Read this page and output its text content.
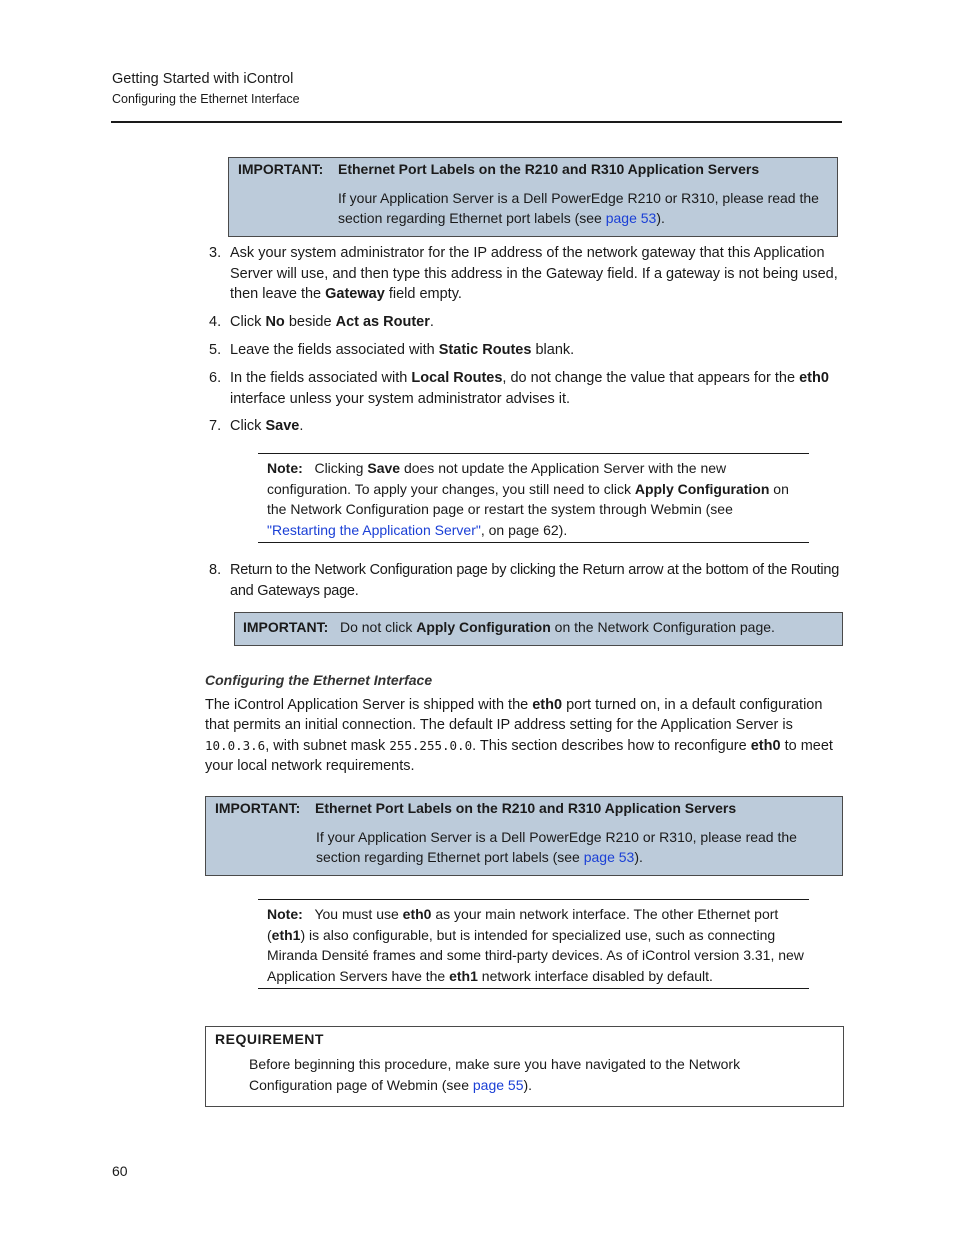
Getting Started with iControl
Configuring the Ethernet Interface
IMPORTANT: Ethernet Port Labels on the R210 and R310 Application Servers
If your Application Server is a Dell PowerEdge R210 or R310, please read the section regarding Ethernet port labels (see page 53).
3. Ask your system administrator for the IP address of the network gateway that this Application Server will use, and then type this address in the Gateway field. If a gateway is not being used, then leave the Gateway field empty.
4. Click No beside Act as Router.
5. Leave the fields associated with Static Routes blank.
6. In the fields associated with Local Routes, do not change the value that appears for the eth0 interface unless your system administrator advises it.
7. Click Save.
Note: Clicking Save does not update the Application Server with the new configuration. To apply your changes, you still need to click Apply Configuration on the Network Configuration page or restart the system through Webmin (see "Restarting the Application Server", on page 62).
8. Return to the Network Configuration page by clicking the Return arrow at the bottom of the Routing and Gateways page.
IMPORTANT: Do not click Apply Configuration on the Network Configuration page.
Configuring the Ethernet Interface
The iControl Application Server is shipped with the eth0 port turned on, in a default configuration that permits an initial connection. The default IP address setting for the Application Server is 10.0.3.6, with subnet mask 255.255.0.0. This section describes how to reconfigure eth0 to meet your local network requirements.
IMPORTANT: Ethernet Port Labels on the R210 and R310 Application Servers
If your Application Server is a Dell PowerEdge R210 or R310, please read the section regarding Ethernet port labels (see page 53).
Note: You must use eth0 as your main network interface. The other Ethernet port (eth1) is also configurable, but is intended for specialized use, such as connecting Miranda Densité frames and some third-party devices. As of iControl version 3.31, new Application Servers have the eth1 network interface disabled by default.
REQUIREMENT
Before beginning this procedure, make sure you have navigated to the Network Configuration page of Webmin (see page 55).
60
